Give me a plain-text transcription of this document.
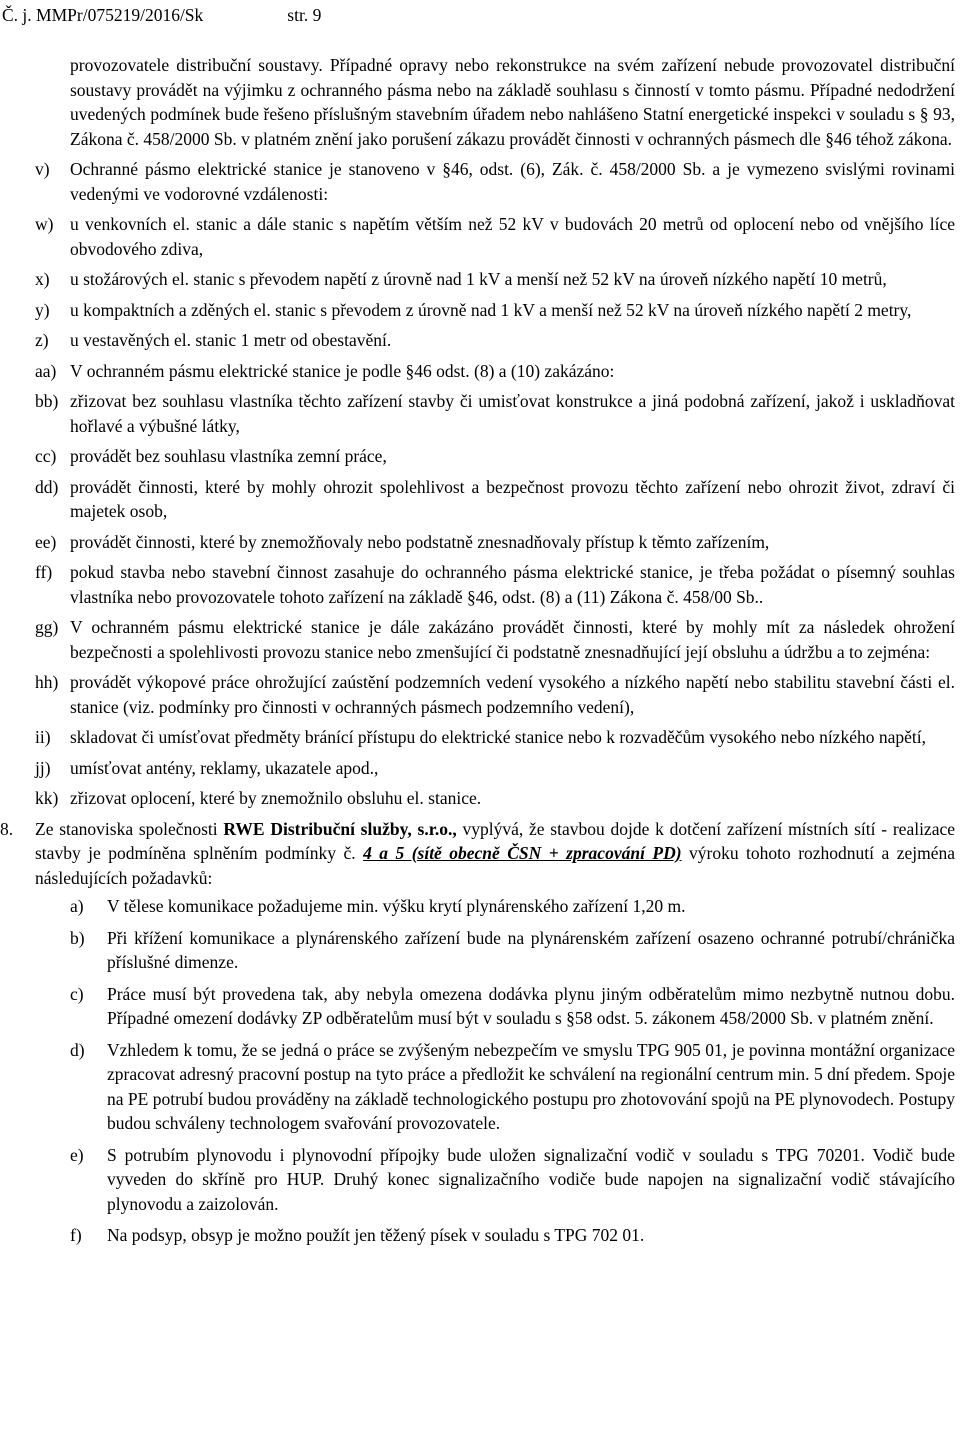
Č. j. MMPr/075219/2016/Sk	str. 9
provozovatele distribuční soustavy. Případné opravy nebo rekonstrukce na svém zařízení nebude provozovatel distribuční soustavy provádět na výjimku z ochranného pásma nebo na základě souhlasu s činností v tomto pásmu. Případné nedodržení uvedených podmínek bude řešeno příslušným stavebním úřadem nebo nahlášeno Statní energetické inspekci v souladu s § 93, Zákona č. 458/2000 Sb. v platném znění jako porušení zákazu provádět činnosti v ochranných pásmech dle §46 téhož zákona.
v)	Ochranné pásmo elektrické stanice je stanoveno v §46, odst. (6), Zák. č. 458/2000 Sb. a je vymezeno svislými rovinami vedenými ve vodorovné vzdálenosti:
w) u venkovních el. stanic a dále stanic s napětím větším než 52 kV v budovách 20 metrů od oplocení nebo od vnějšího líce obvodového zdiva,
x)	u stožárových el. stanic s převodem napětí z úrovně nad 1 kV a menší než 52 kV na úroveň nízkého napětí 10 metrů,
y)	u kompaktních a zděných el. stanic s převodem z úrovně nad 1 kV a menší než 52 kV na úroveň nízkého napětí 2 metry,
z)	u vestavěných el. stanic 1 metr od obestavění.
aa) V ochranném pásmu elektrické stanice je podle §46 odst. (8) a (10) zakázáno:
bb) zřizovat bez souhlasu vlastníka těchto zařízení stavby či umisťovat konstrukce a jiná podobná zařízení, jakož i uskladňovat hořlavé a výbušné látky,
cc) provádět bez souhlasu vlastníka zemní práce,
dd) provádět činnosti, které by mohly ohrozit spolehlivost a bezpečnost provozu těchto zařízení nebo ohrozit život, zdraví či majetek osob,
ee) provádět činnosti, které by znemožňovaly nebo podstatně znesnadňovaly přístup k těmto zařízením,
ff)	pokud stavba nebo stavební činnost zasahuje do ochranného pásma elektrické stanice, je třeba požádat o písemný souhlas vlastníka nebo provozovatele tohoto zařízení na základě §46, odst. (8) a (11) Zákona č. 458/00 Sb..
gg) V ochranném pásmu elektrické stanice je dále zakázáno provádět činnosti, které by mohly mít za následek ohrožení bezpečnosti a spolehlivosti provozu stanice nebo zmenšující či podstatně znesnadňující její obsluhu a údržbu a to zejména:
hh) provádět výkopové práce ohrožující zaústění podzemních vedení vysokého a nízkého napětí nebo stabilitu stavební části el. stanice (viz. podmínky pro činnosti v ochranných pásmech podzemního vedení),
ii)	skladovat či umísťovat předměty bránící přístupu do elektrické stanice nebo k rozvaděčům vysokého nebo nízkého napětí,
jj)	umísťovat antény, reklamy, ukazatele apod.,
kk) zřizovat oplocení, které by znemožnilo obsluhu el. stanice.
8.	Ze stanoviska společnosti RWE Distribuční služby, s.r.o., vyplývá, že stavbou dojde k dotčení zařízení místních sítí - realizace stavby je podmíněna splněním podmínky č. 4 a 5 (sítě obecně ČSN + zpracování PD) výroku tohoto rozhodnutí a zejména následujících požadavků:
a)	V tělese komunikace požadujeme min. výšku krytí plynárenského zařízení 1,20 m.
b)	Při křížení komunikace a plynárenského zařízení bude na plynárenském zařízení osazeno ochranné potrubí/chránička příslušné dimenze.
c)	Práce musí být provedena tak, aby nebyla omezena dodávka plynu jiným odběratelům mimo nezbytně nutnou dobu. Případné omezení dodávky ZP odběratelům musí být v souladu s §58 odst. 5. zákonem 458/2000 Sb. v platném znění.
d)	Vzhledem k tomu, že se jedná o práce se zvýšeným nebezpečím ve smyslu TPG 905 01, je povinna montážní organizace zpracovat adresný pracovní postup na tyto práce a předložit ke schválení na regionální centrum min. 5 dní předem. Spoje na PE potrubí budou prováděny na základě technologického postupu pro zhotovování spojů na PE plynovodech. Postupy budou schváleny technologem svařování provozovatele.
e)	S potrubím plynovodu i plynovodní přípojky bude uložen signalizační vodič v souladu s TPG 70201. Vodič bude vyveden do skříně pro HUP. Druhý konec signalizačního vodiče bude napojen na signalizační vodič stávajícího plynovodu a zaizolován.
f)	Na podsyp, obsyp je možno použít jen těžený písek v souladu s TPG 702 01.
